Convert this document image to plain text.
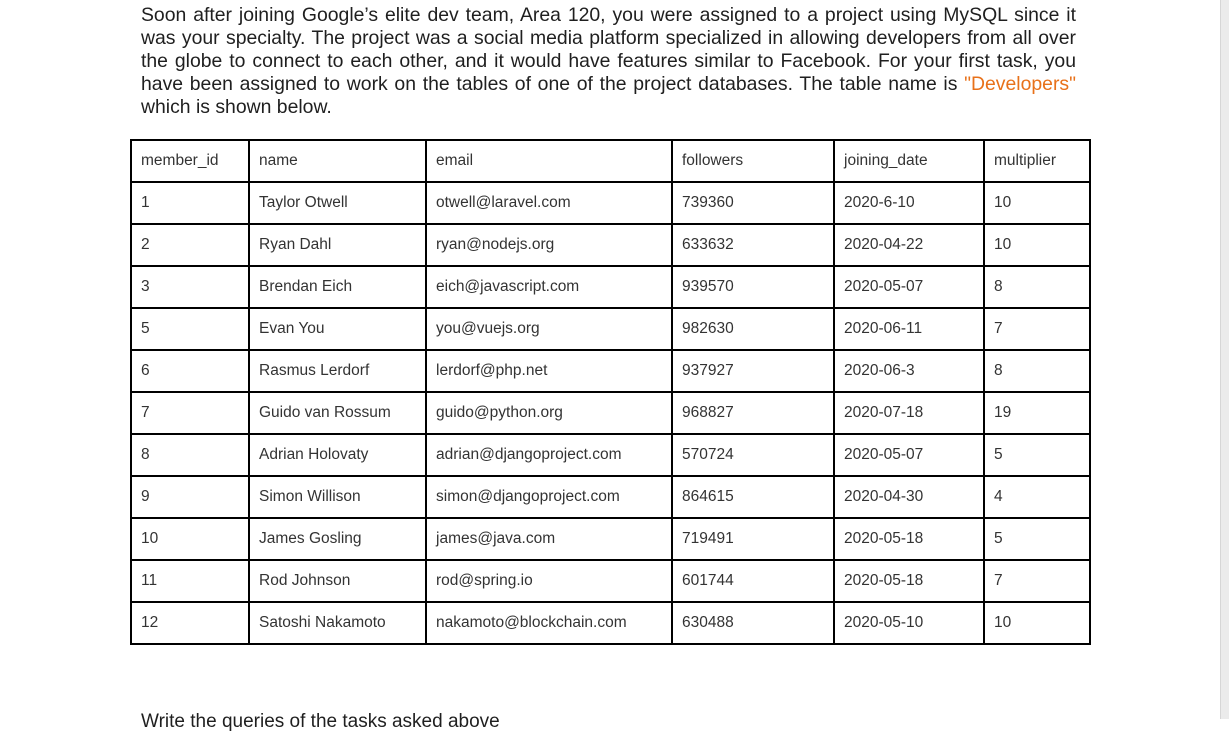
Soon after joining Google’s elite dev team, Area 120, you were assigned to a project using MySQL since it was your specialty. The project was a social media platform specialized in allowing developers from all over the globe to connect to each other, and it would have features similar to Facebook. For your first task, you have been assigned to work on the tables of one of the project databases. The table name is "Developers" which is shown below.

member_id	name	email	followers	joining_date	multiplier
1	Taylor Otwell	otwell@laravel.com	739360	2020-6-10	10
2	Ryan Dahl	ryan@nodejs.org	633632	2020-04-22	10
3	Brendan Eich	eich@javascript.com	939570	2020-05-07	8
5	Evan You	you@vuejs.org	982630	2020-06-11	7
6	Rasmus Lerdorf	lerdorf@php.net	937927	2020-06-3	8
7	Guido van Rossum	guido@python.org	968827	2020-07-18	19
8	Adrian Holovaty	adrian@djangoproject.com	570724	2020-05-07	5
9	Simon Willison	simon@djangoproject.com	864615	2020-04-30	4
10	James Gosling	james@java.com	719491	2020-05-18	5
11	Rod Johnson	rod@spring.io	601744	2020-05-18	7
12	Satoshi Nakamoto	nakamoto@blockchain.com	630488	2020-05-10	10

Write the queries of the tasks asked above
